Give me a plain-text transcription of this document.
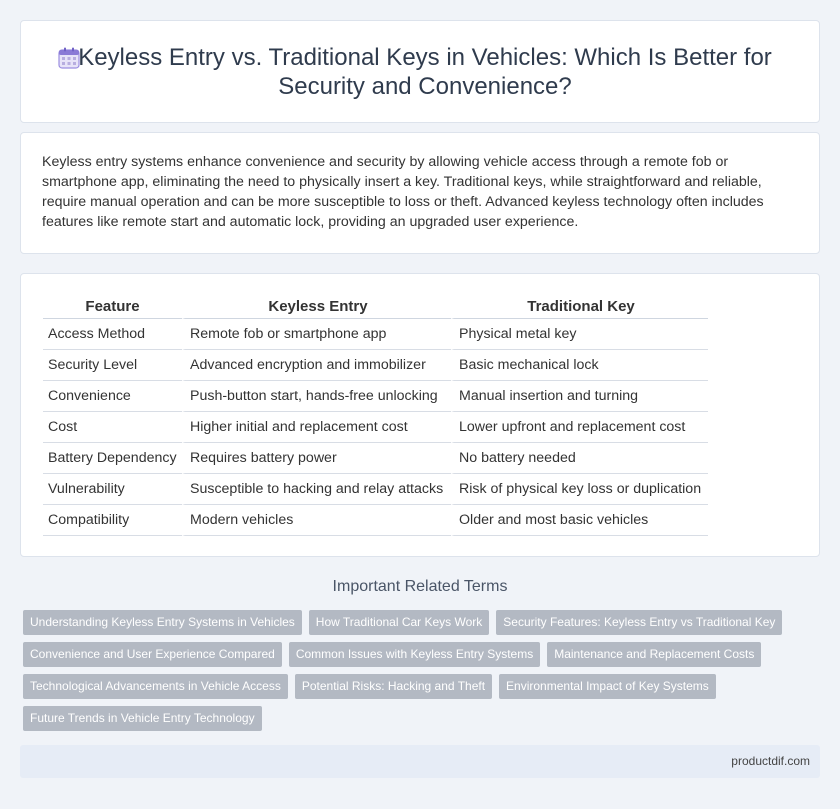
Keyless Entry vs. Traditional Keys in Vehicles: Which Is Better for Security and Convenience?

Keyless entry systems enhance convenience and security by allowing vehicle access through a remote fob or smartphone app, eliminating the need to physically insert a key. Traditional keys, while straightforward and reliable, require manual operation and can be more susceptible to loss or theft. Advanced keyless technology often includes features like remote start and automatic lock, providing an upgraded user experience.

Feature	Keyless Entry	Traditional Key
Access Method	Remote fob or smartphone app	Physical metal key
Security Level	Advanced encryption and immobilizer	Basic mechanical lock
Convenience	Push-button start, hands-free unlocking	Manual insertion and turning
Cost	Higher initial and replacement cost	Lower upfront and replacement cost
Battery Dependency	Requires battery power	No battery needed
Vulnerability	Susceptible to hacking and relay attacks	Risk of physical key loss or duplication
Compatibility	Modern vehicles	Older and most basic vehicles
Important Related Terms
Understanding Keyless Entry Systems in Vehicles	How Traditional Car Keys Work	Security Features: Keyless Entry vs Traditional Key
Convenience and User Experience Compared	Common Issues with Keyless Entry Systems	Maintenance and Replacement Costs
Technological Advancements in Vehicle Access	Potential Risks: Hacking and Theft	Environmental Impact of Key Systems
Future Trends in Vehicle Entry Technology
productdif.com
